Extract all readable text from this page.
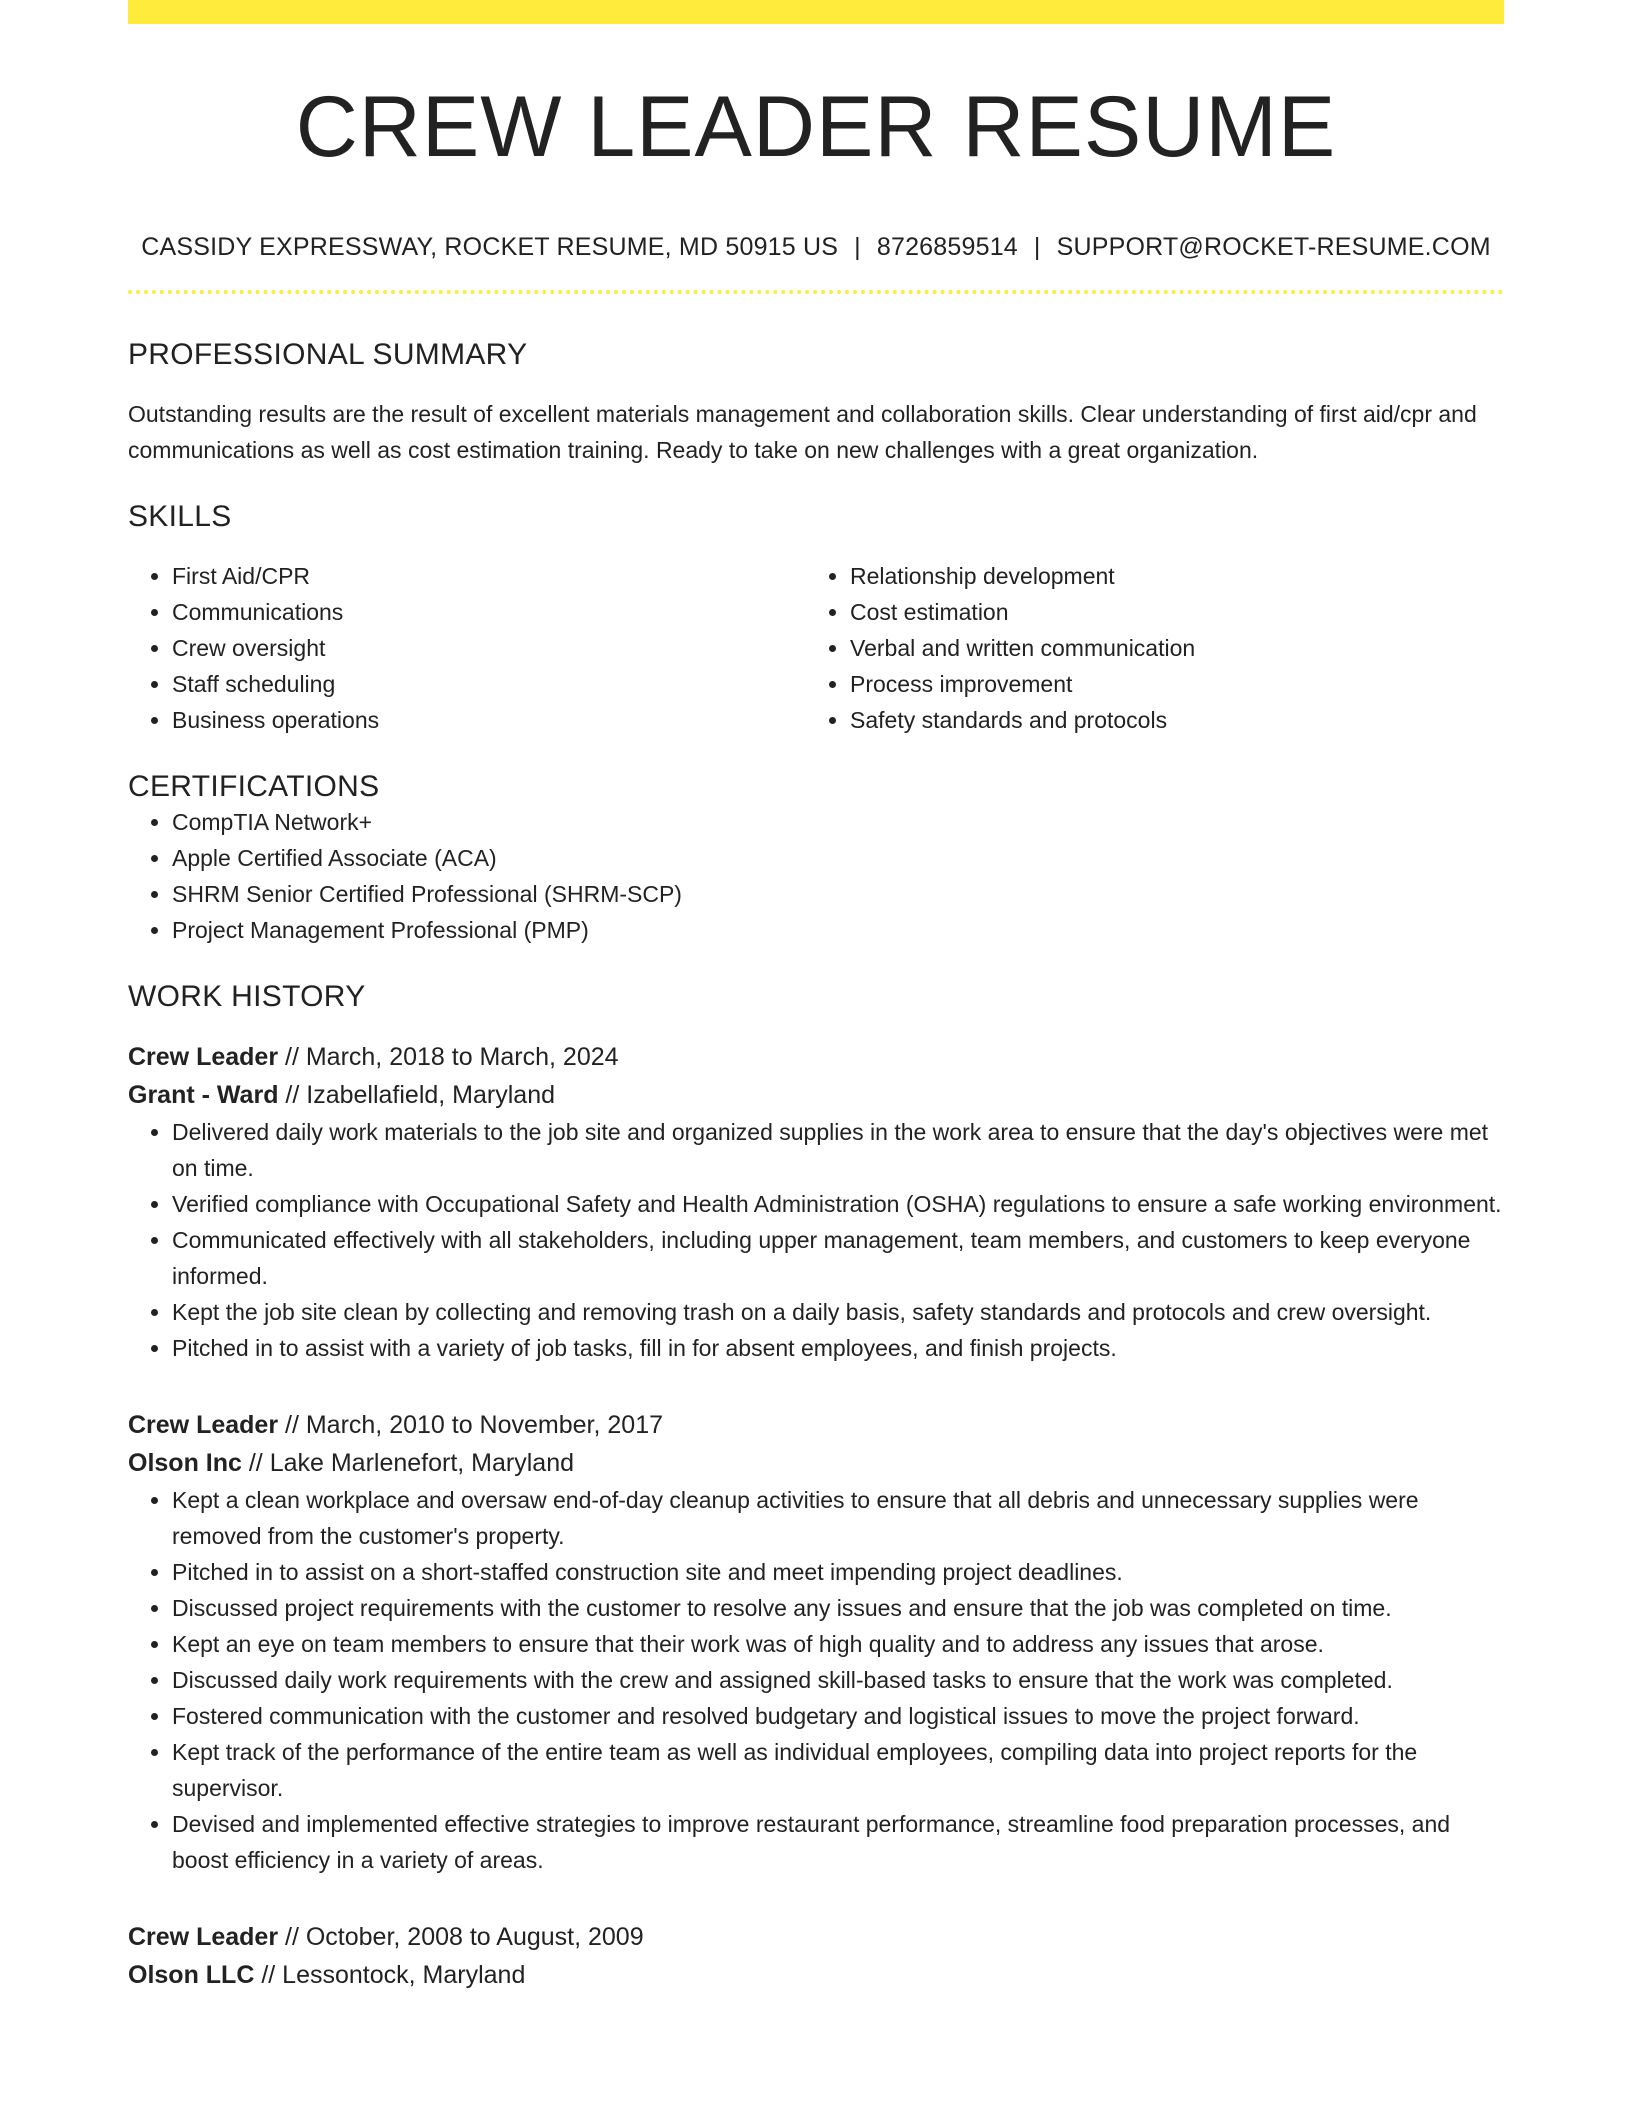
CREW LEADER RESUME
CASSIDY EXPRESSWAY, ROCKET RESUME, MD 50915 US | 8726859514 | SUPPORT@ROCKET-RESUME.COM
PROFESSIONAL SUMMARY
Outstanding results are the result of excellent materials management and collaboration skills. Clear understanding of first aid/cpr and communications as well as cost estimation training. Ready to take on new challenges with a great organization.
SKILLS
• First Aid/CPR
• Communications
• Crew oversight
• Staff scheduling
• Business operations
• Relationship development
• Cost estimation
• Verbal and written communication
• Process improvement
• Safety standards and protocols
CERTIFICATIONS
• CompTIA Network+
• Apple Certified Associate (ACA)
• SHRM Senior Certified Professional (SHRM-SCP)
• Project Management Professional (PMP)
WORK HISTORY
Crew Leader // March, 2018 to March, 2024
Grant - Ward // Izabellafield, Maryland
• Delivered daily work materials to the job site and organized supplies in the work area to ensure that the day's objectives were met on time.
• Verified compliance with Occupational Safety and Health Administration (OSHA) regulations to ensure a safe working environment.
• Communicated effectively with all stakeholders, including upper management, team members, and customers to keep everyone informed.
• Kept the job site clean by collecting and removing trash on a daily basis, safety standards and protocols and crew oversight.
• Pitched in to assist with a variety of job tasks, fill in for absent employees, and finish projects.
Crew Leader // March, 2010 to November, 2017
Olson Inc // Lake Marlenefort, Maryland
• Kept a clean workplace and oversaw end-of-day cleanup activities to ensure that all debris and unnecessary supplies were removed from the customer's property.
• Pitched in to assist on a short-staffed construction site and meet impending project deadlines.
• Discussed project requirements with the customer to resolve any issues and ensure that the job was completed on time.
• Kept an eye on team members to ensure that their work was of high quality and to address any issues that arose.
• Discussed daily work requirements with the crew and assigned skill-based tasks to ensure that the work was completed.
• Fostered communication with the customer and resolved budgetary and logistical issues to move the project forward.
• Kept track of the performance of the entire team as well as individual employees, compiling data into project reports for the supervisor.
• Devised and implemented effective strategies to improve restaurant performance, streamline food preparation processes, and boost efficiency in a variety of areas.
Crew Leader // October, 2008 to August, 2009
Olson LLC // Lessontock, Maryland
